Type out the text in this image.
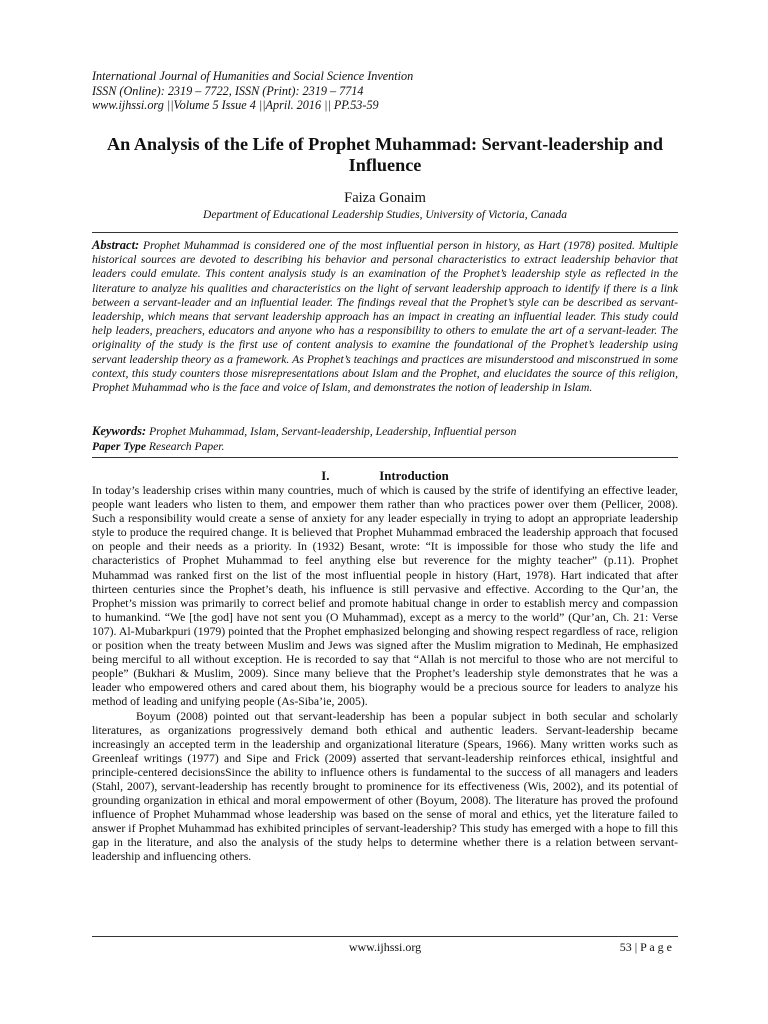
International Journal of Humanities and Social Science Invention
ISSN (Online): 2319 – 7722, ISSN (Print): 2319 – 7714
www.ijhssi.org ||Volume 5 Issue 4 ||April. 2016 || PP.53-59
An Analysis of the Life of Prophet Muhammad: Servant-leadership and Influence
Faiza Gonaim
Department of Educational Leadership Studies, University of Victoria, Canada
Abstract: Prophet Muhammad is considered one of the most influential person in history, as Hart (1978) posited. Multiple historical sources are devoted to describing his behavior and personal characteristics to extract leadership behavior that leaders could emulate. This content analysis study is an examination of the Prophet’s leadership style as reflected in the literature to analyze his qualities and characteristics on the light of servant leadership approach to identify if there is a link between a servant-leader and an influential leader. The findings reveal that the Prophet’s style can be described as servant-leadership, which means that servant leadership approach has an impact in creating an influential leader. This study could help leaders, preachers, educators and anyone who has a responsibility to others to emulate the art of a servant-leader. The originality of the study is the first use of content analysis to examine the foundational of the Prophet’s leadership using servant leadership theory as a framework. As Prophet’s teachings and practices are misunderstood and misconstrued in some context, this study counters those misrepresentations about Islam and the Prophet, and elucidates the source of this religion, Prophet Muhammad who is the face and voice of Islam, and demonstrates the notion of leadership in Islam.
Keywords: Prophet Muhammad, Islam, Servant-leadership, Leadership, Influential person
Paper Type Research Paper.
I.	Introduction

In today’s leadership crises within many countries, much of which is caused by the strife of identifying an effective leader, people want leaders who listen to them, and empower them rather than who practices power over them (Pellicer, 2008). Such a responsibility would create a sense of anxiety for any leader especially in trying to adopt an appropriate leadership style to produce the required change. It is believed that Prophet Muhammad embraced the leadership approach that focused on people and their needs as a priority. In (1932) Besant, wrote: “It is impossible for those who study the life and characteristics of Prophet Muhammad to feel anything else but reverence for the mighty teacher” (p.11). Prophet Muhammad was ranked first on the list of the most influential people in history (Hart, 1978). Hart indicated that after thirteen centuries since the Prophet’s death, his influence is still pervasive and effective. According to the Qur’an, the Prophet’s mission was primarily to correct belief and promote habitual change in order to establish mercy and compassion to humankind. “We [the god] have not sent you (O Muhammad), except as a mercy to the world” (Qur’an, Ch. 21: Verse 107). Al-Mubarkpuri (1979) pointed that the Prophet emphasized belonging and showing respect regardless of race, religion or position when the treaty between Muslim and Jews was signed after the Muslim migration to Medinah, He emphasized being merciful to all without exception. He is recorded to say that “Allah is not merciful to those who are not merciful to people” (Bukhari & Muslim, 2009). Since many believe that the Prophet’s leadership style demonstrates that he was a leader who empowered others and cared about them, his biography would be a precious source for leaders to analyze his method of leading and unifying people (As-Siba’ie, 2005).

Boyum (2008) pointed out that servant-leadership has been a popular subject in both secular and scholarly literatures, as organizations progressively demand both ethical and authentic leaders. Servant-leadership became increasingly an accepted term in the leadership and organizational literature (Spears, 1966). Many written works such as Greenleaf writings (1977) and Sipe and Frick (2009) asserted that servant-leadership reinforces ethical, insightful and principle-centered decisionsSince the ability to influence others is fundamental to the success of all managers and leaders (Stahl, 2007), servant-leadership has recently brought to prominence for its effectiveness (Wis, 2002), and its potential of grounding organization in ethical and moral empowerment of other (Boyum, 2008). The literature has proved the profound influence of Prophet Muhammad whose leadership was based on the sense of moral and ethics, yet the literature failed to answer if Prophet Muhammad has exhibited principles of servant-leadership? This study has emerged with a hope to fill this gap in the literature, and also the analysis of the study helps to determine whether there is a relation between servant-leadership and influencing others.

www.ijhssi.org	53 | P a g e
